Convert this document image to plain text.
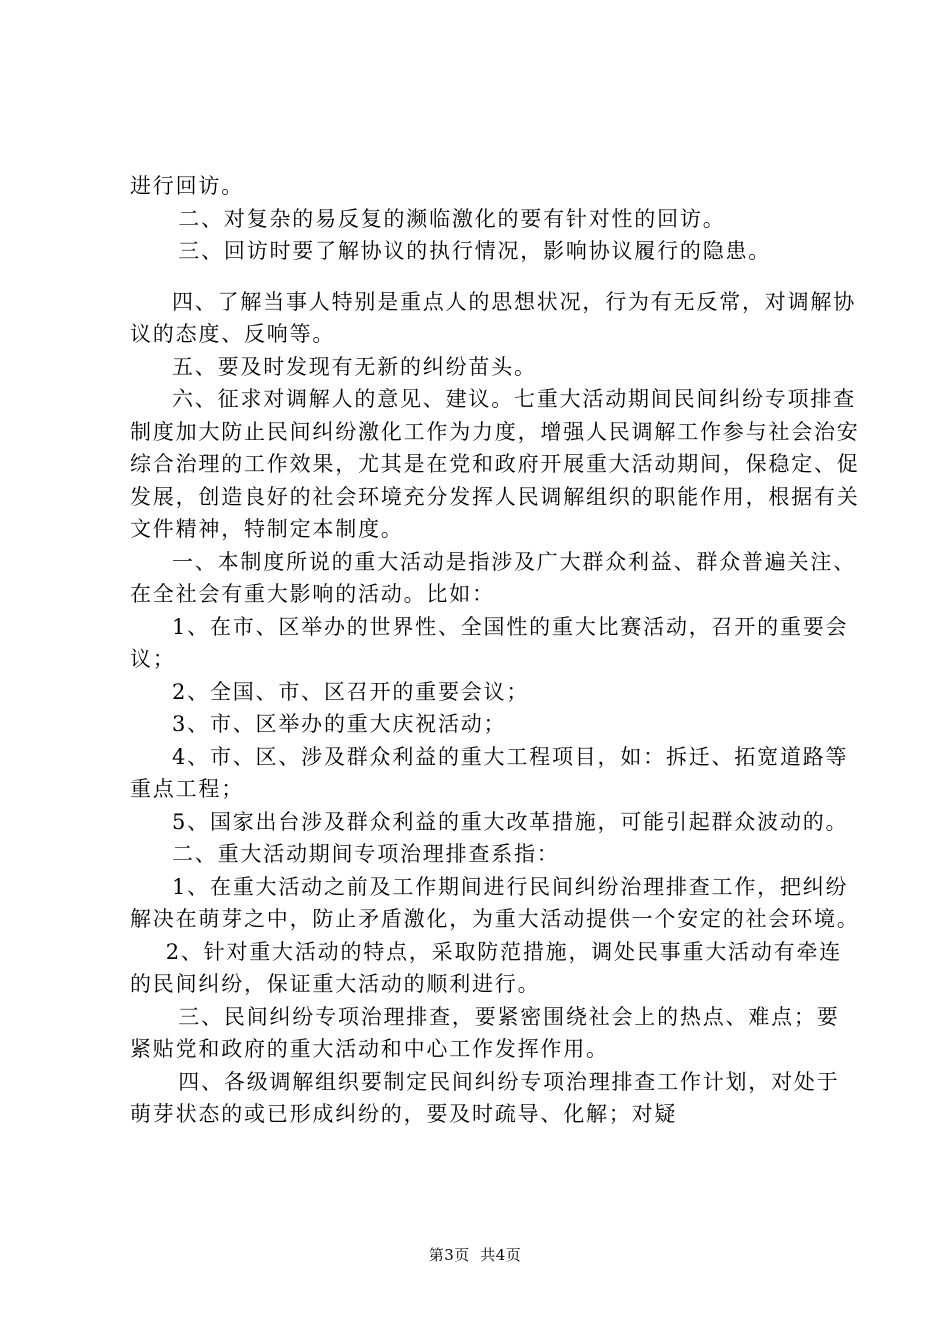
进行回访。

二、对复杂的易反复的濒临激化的要有针对性的回访。

三、回访时要了解协议的执行情况，影响协议履行的隐患。

四、了解当事人特别是重点人的思想状况，行为有无反常，对调解协议的态度、反响等。

五、要及时发现有无新的纠纷苗头。

六、征求对调解人的意见、建议。七重大活动期间民间纠纷专项排查制度加大防止民间纠纷激化工作为力度，增强人民调解工作参与社会治安综合治理的工作效果，尤其是在党和政府开展重大活动期间，保稳定、促发展，创造良好的社会环境充分发挥人民调解组织的职能作用，根据有关文件精神，特制定本制度。

一、本制度所说的重大活动是指涉及广大群众利益、群众普遍关注、在全社会有重大影响的活动。比如：

1、在市、区举办的世界性、全国性的重大比赛活动，召开的重要会议；

2、全国、市、区召开的重要会议；

3、市、区举办的重大庆祝活动；

4、市、区、涉及群众利益的重大工程项目，如：拆迁、拓宽道路等重点工程；

5、国家出台涉及群众利益的重大改革措施，可能引起群众波动的。

二、重大活动期间专项治理排查系指：

1、在重大活动之前及工作期间进行民间纠纷治理排查工作，把纠纷解决在萌芽之中，防止矛盾激化，为重大活动提供一个安定的社会环境。

2、针对重大活动的特点，采取防范措施，调处民事重大活动有牵连的民间纠纷，保证重大活动的顺利进行。

三、民间纠纷专项治理排查，要紧密围绕社会上的热点、难点；要紧贴党和政府的重大活动和中心工作发挥作用。

四、各级调解组织要制定民间纠纷专项治理排查工作计划，对处于萌芽状态的或已形成纠纷的，要及时疏导、化解；对疑

第3页  共4页
